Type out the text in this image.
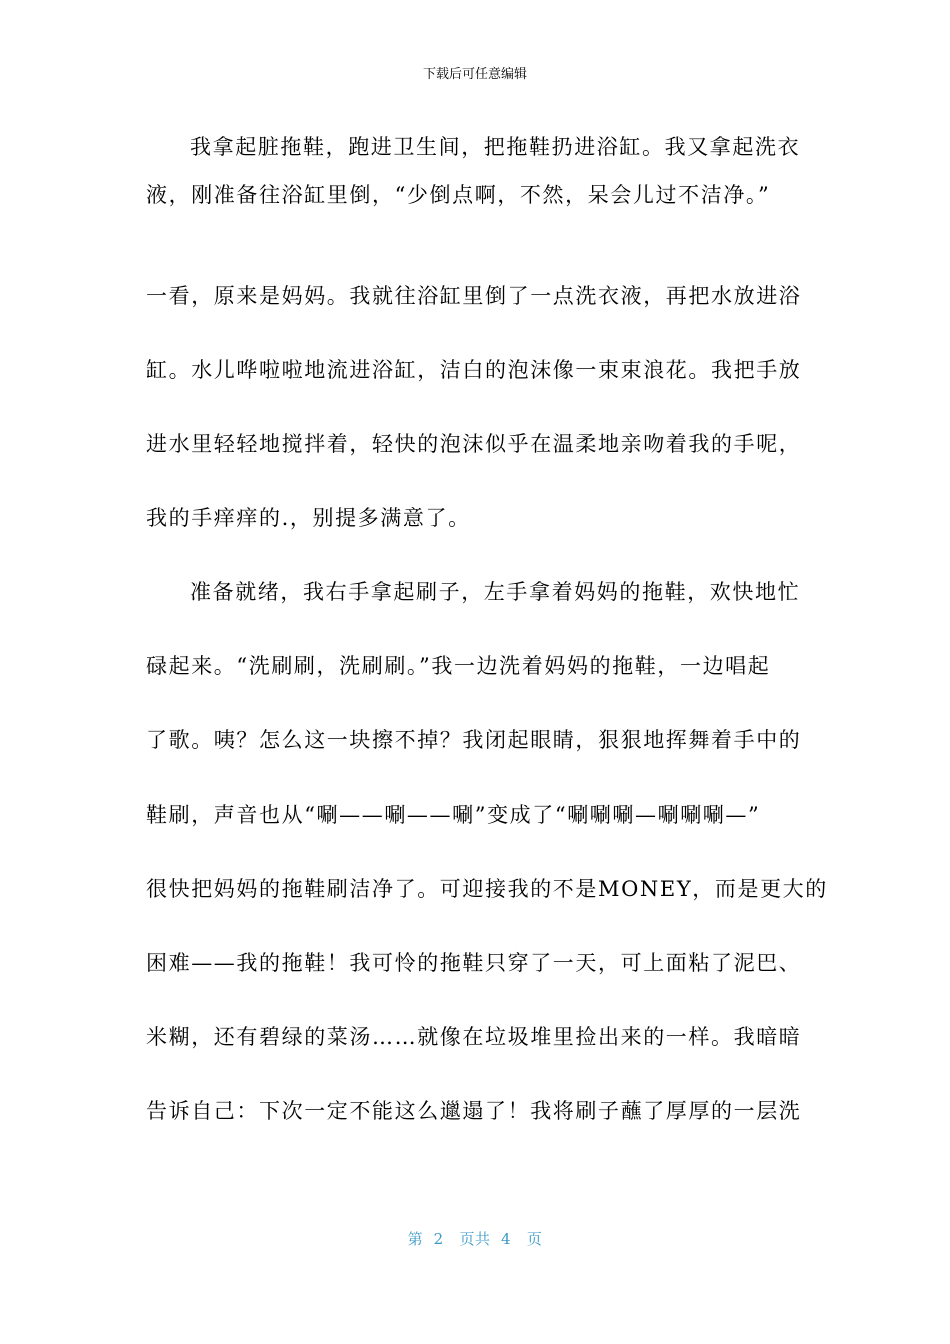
下载后可任意编辑
我拿起脏拖鞋，跑进卫生间，把拖鞋扔进浴缸。我又拿起洗衣
液，刚准备往浴缸里倒，“少倒点啊，不然，呆会儿过不洁净。”
一看，原来是妈妈。我就往浴缸里倒了一点洗衣液，再把水放进浴
缸。水儿哗啦啦地流进浴缸，洁白的泡沫像一束束浪花。我把手放
进水里轻轻地搅拌着，轻快的泡沫似乎在温柔地亲吻着我的手呢，
我的手痒痒的.，别提多满意了。
准备就绪，我右手拿起刷子，左手拿着妈妈的拖鞋，欢快地忙
碌起来。“洗刷刷，洗刷刷。”我一边洗着妈妈的拖鞋，一边唱起
了歌。咦？怎么这一块擦不掉？我闭起眼睛，狠狠地挥舞着手中的
鞋刷，声音也从“唰——唰——唰”变成了“唰唰唰—唰唰唰—”
很快把妈妈的拖鞋刷洁净了。可迎接我的不是MONEY，而是更大的
困难——我的拖鞋！我可怜的拖鞋只穿了一天，可上面粘了泥巴、
米糊，还有碧绿的菜汤……就像在垃圾堆里捡出来的一样。我暗暗
告诉自己：下次一定不能这么邋遢了！我将刷子蘸了厚厚的一层洗
第  2   页共  4   页
